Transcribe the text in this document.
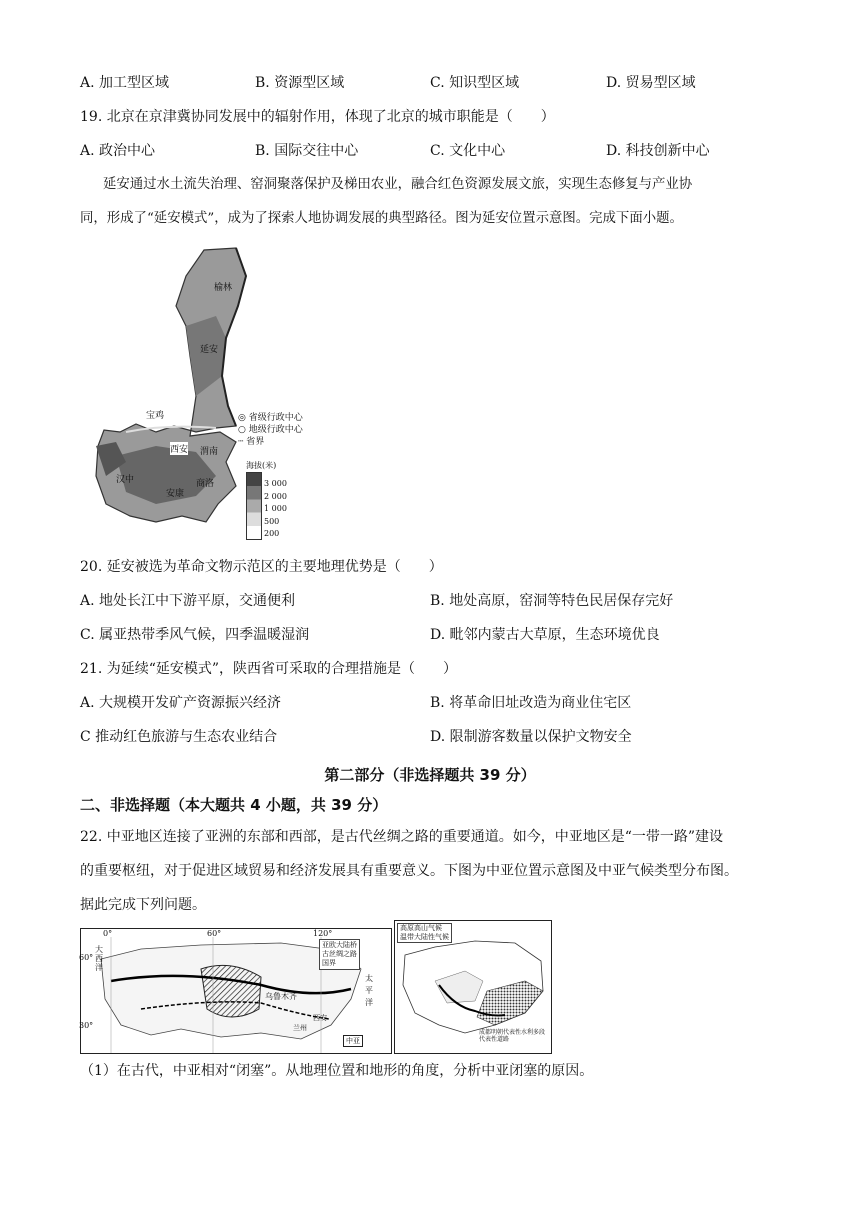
A. 加工型区域	B. 资源型区域	C. 知识型区域	D. 贸易型区域
19. 北京在京津冀协同发展中的辐射作用，体现了北京的城市职能是（　　）
A. 政治中心	B. 国际交往中心	C. 文化中心	D. 科技创新中心
延安通过水土流失治理、窑洞聚落保护及梯田农业，融合红色资源发展文旅，实现生态修复与产业协
同，形成了“延安模式”，成为了探索人地协调发展的典型路径。图为延安位置示意图。完成下面小题。
榆林
延安
宝鸡
西安 渭南
汉中
安康
商洛
◎ 省级行政中心
○ 地级行政中心
┄ 省界
海拔(米)
3 000
2 000
1 000
500
200
20. 延安被选为革命文物示范区的主要地理优势是（　　）
A. 地处长江中下游平原，交通便利	B. 地处高原，窑洞等特色民居保存完好
C. 属亚热带季风气候，四季温暖湿润	D. 毗邻内蒙古大草原，生态环境优良
21. 为延续“延安模式”，陕西省可采取的合理措施是（　　）
A. 大规模开发矿产资源振兴经济	B. 将革命旧址改造为商业住宅区
C 推动红色旅游与生态农业结合	D. 限制游客数量以保护文物安全
第二部分（非选择题共 39 分）
二、非选择题（本大题共 4 小题，共 39 分）
22. 中亚地区连接了亚洲的东部和西部，是古代丝绸之路的重要通道。如今，中亚地区是“一带一路”建设
的重要枢纽，对于促进区域贸易和经济发展具有重要意义。下图为中亚位置示意图及中亚气候类型分布图。
据此完成下列问题。
0°	60°	120°
60°
30°
大西洋
乌鲁木齐
西安
兰州
太平洋
亚欧大陆桥
古丝绸之路
国界
中亚
高原高山气候
温带大陆性气候
成都明朝代表性水利多段代表性道路
（1）在古代，中亚相对“闭塞”。从地理位置和地形的角度，分析中亚闭塞的原因。
